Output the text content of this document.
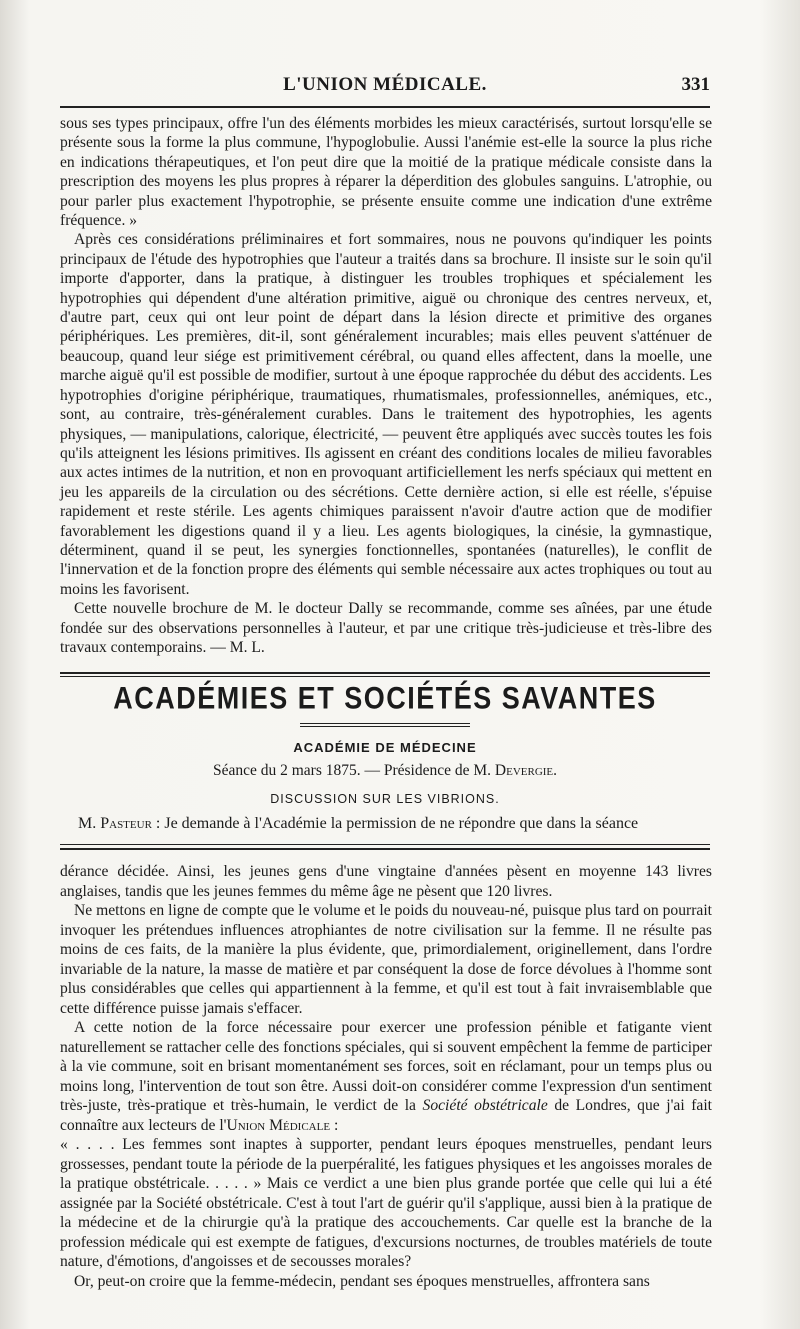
L'UNION MÉDICALE.	331

sous ses types principaux, offre l'un des éléments morbides les mieux caractérisés, surtout lorsqu'elle se présente sous la forme la plus commune, l'hypoglobulie. Aussi l'anémie est-elle la source la plus riche en indications thérapeutiques, et l'on peut dire que la moitié de la pratique médicale consiste dans la prescription des moyens les plus propres à réparer la déperdition des globules sanguins. L'atrophie, ou pour parler plus exactement l'hypotrophie, se présente ensuite comme une indication d'une extrême fréquence. »

Après ces considérations préliminaires et fort sommaires, nous ne pouvons qu'indiquer les points principaux de l'étude des hypotrophies que l'auteur a traités dans sa brochure. Il insiste sur le soin qu'il importe d'apporter, dans la pratique, à distinguer les troubles trophiques et spécialement les hypotrophies qui dépendent d'une altération primitive, aiguë ou chronique des centres nerveux, et, d'autre part, ceux qui ont leur point de départ dans la lésion directe et primitive des organes périphériques. Les premières, dit-il, sont généralement incurables; mais elles peuvent s'atténuer de beaucoup, quand leur siége est primitivement cérébral, ou quand elles affectent, dans la moelle, une marche aiguë qu'il est possible de modifier, surtout à une époque rapprochée du début des accidents. Les hypotrophies d'origine périphérique, traumatiques, rhumatismales, professionnelles, anémiques, etc., sont, au contraire, très-généralement curables. Dans le traitement des hypotrophies, les agents physiques, — manipulations, calorique, électricité, — peuvent être appliqués avec succès toutes les fois qu'ils atteignent les lésions primitives. Ils agissent en créant des conditions locales de milieu favorables aux actes intimes de la nutrition, et non en provoquant artificiellement les nerfs spéciaux qui mettent en jeu les appareils de la circulation ou des sécrétions. Cette dernière action, si elle est réelle, s'épuise rapidement et reste stérile. Les agents chimiques paraissent n'avoir d'autre action que de modifier favorablement les digestions quand il y a lieu. Les agents biologiques, la cinésie, la gymnastique, déterminent, quand il se peut, les synergies fonctionnelles, spontanées (naturelles), le conflit de l'innervation et de la fonction propre des éléments qui semble nécessaire aux actes trophiques ou tout au moins les favorisent.

Cette nouvelle brochure de M. le docteur Dally se recommande, comme ses aînées, par une étude fondée sur des observations personnelles à l'auteur, et par une critique très-judicieuse et très-libre des travaux contemporains. — M. L.

ACADÉMIES ET SOCIÉTÉS SAVANTES
ACADÉMIE DE MÉDECINE
Séance du 2 mars 1875. — Présidence de M. Devergie.
DISCUSSION SUR LES VIBRIONS.
M. Pasteur : Je demande à l'Académie la permission de ne répondre que dans la séance

dérance décidée. Ainsi, les jeunes gens d'une vingtaine d'années pèsent en moyenne 143 livres anglaises, tandis que les jeunes femmes du même âge ne pèsent que 120 livres.

Ne mettons en ligne de compte que le volume et le poids du nouveau-né, puisque plus tard on pourrait invoquer les prétendues influences atrophiantes de notre civilisation sur la femme. Il ne résulte pas moins de ces faits, de la manière la plus évidente, que, primordialement, originellement, dans l'ordre invariable de la nature, la masse de matière et par conséquent la dose de force dévolues à l'homme sont plus considérables que celles qui appartiennent à la femme, et qu'il est tout à fait invraisemblable que cette différence puisse jamais s'effacer.

A cette notion de la force nécessaire pour exercer une profession pénible et fatigante vient naturellement se rattacher celle des fonctions spéciales, qui si souvent empêchent la femme de participer à la vie commune, soit en brisant momentanément ses forces, soit en réclamant, pour un temps plus ou moins long, l'intervention de tout son être. Aussi doit-on considérer comme l'expression d'un sentiment très-juste, très-pratique et très-humain, le verdict de la Société obstétricale de Londres, que j'ai fait connaître aux lecteurs de l'Union Médicale :

« . . . . Les femmes sont inaptes à supporter, pendant leurs époques menstruelles, pendant leurs grossesses, pendant toute la période de la puerpéralité, les fatigues physiques et les angoisses morales de la pratique obstétricale. . . . . » Mais ce verdict a une bien plus grande portée que celle qui lui a été assignée par la Société obstétricale. C'est à tout l'art de guérir qu'il s'applique, aussi bien à la pratique de la médecine et de la chirurgie qu'à la pratique des accouchements. Car quelle est la branche de la profession médicale qui est exempte de fatigues, d'excursions nocturnes, de troubles matériels de toute nature, d'émotions, d'angoisses et de secousses morales?

Or, peut-on croire que la femme-médecin, pendant ses époques menstruelles, affrontera sans
